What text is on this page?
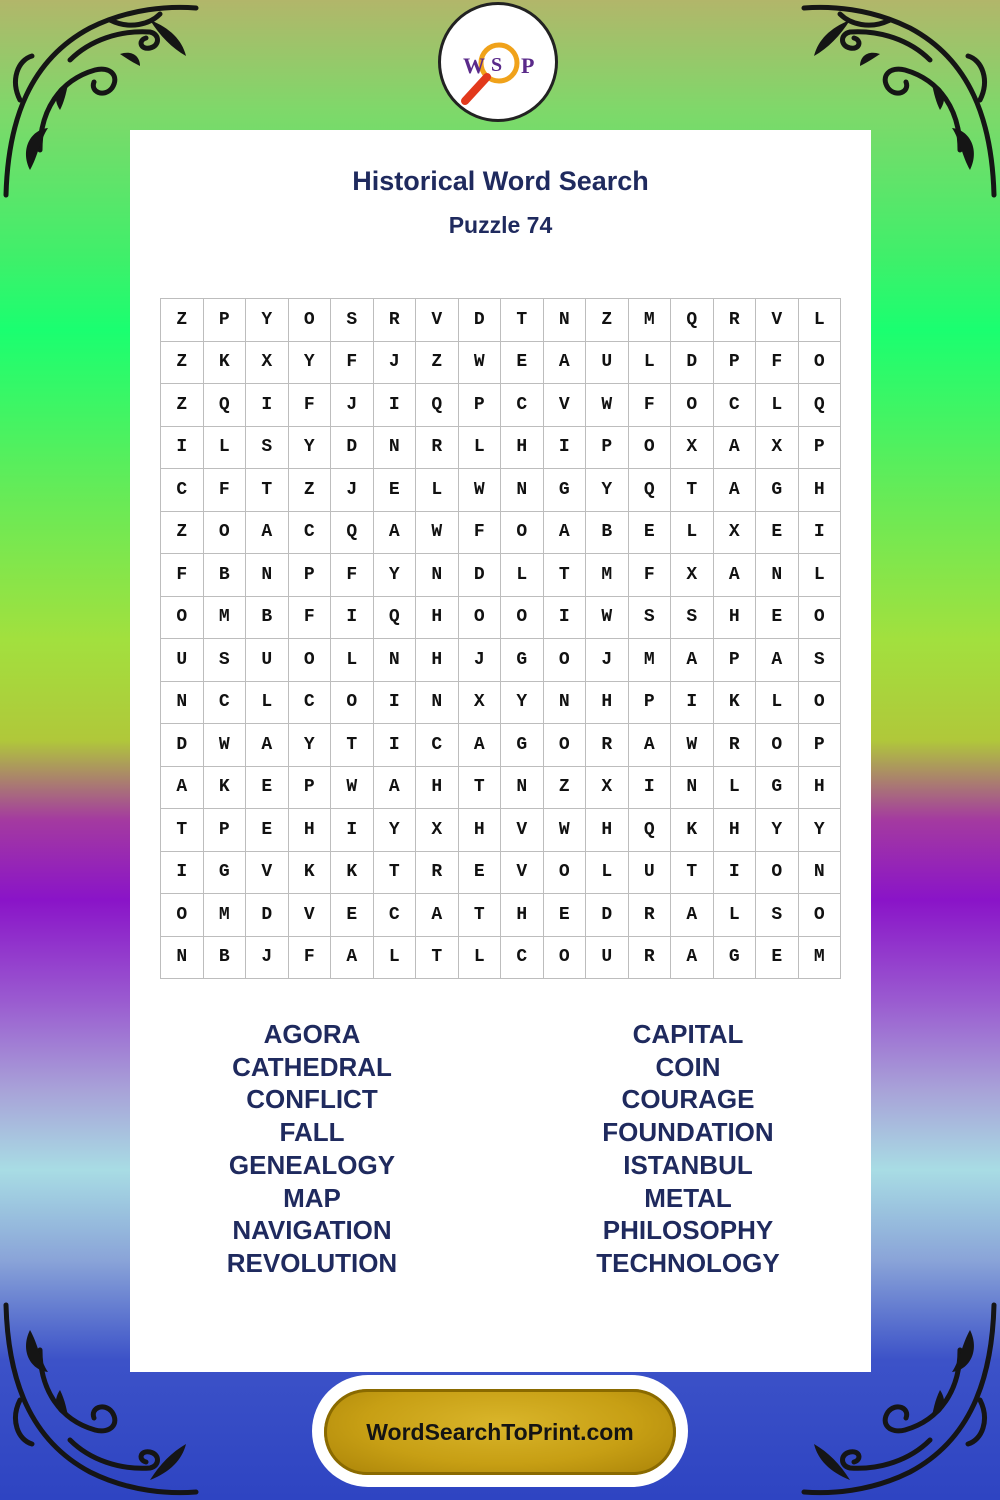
W S P
Historical Word Search
Puzzle 74
Z	P	Y	O	S	R	V	D	T	N	Z	M	Q	R	V	L
Z	K	X	Y	F	J	Z	W	E	A	U	L	D	P	F	O
Z	Q	I	F	J	I	Q	P	C	V	W	F	O	C	L	Q
I	L	S	Y	D	N	R	L	H	I	P	O	X	A	X	P
C	F	T	Z	J	E	L	W	N	G	Y	Q	T	A	G	H
Z	O	A	C	Q	A	W	F	O	A	B	E	L	X	E	I
F	B	N	P	F	Y	N	D	L	T	M	F	X	A	N	L
O	M	B	F	I	Q	H	O	O	I	W	S	S	H	E	O
U	S	U	O	L	N	H	J	G	O	J	M	A	P	A	S
N	C	L	C	O	I	N	X	Y	N	H	P	I	K	L	O
D	W	A	Y	T	I	C	A	G	O	R	A	W	R	O	P
A	K	E	P	W	A	H	T	N	Z	X	I	N	L	G	H
T	P	E	H	I	Y	X	H	V	W	H	Q	K	H	Y	Y
I	G	V	K	K	T	R	E	V	O	L	U	T	I	O	N
O	M	D	V	E	C	A	T	H	E	D	R	A	L	S	O
N	B	J	F	A	L	T	L	C	O	U	R	A	G	E	M
AGORA
CATHEDRAL
CONFLICT
FALL
GENEALOGY
MAP
NAVIGATION
REVOLUTION
CAPITAL
COIN
COURAGE
FOUNDATION
ISTANBUL
METAL
PHILOSOPHY
TECHNOLOGY
WordSearchToPrint.com
